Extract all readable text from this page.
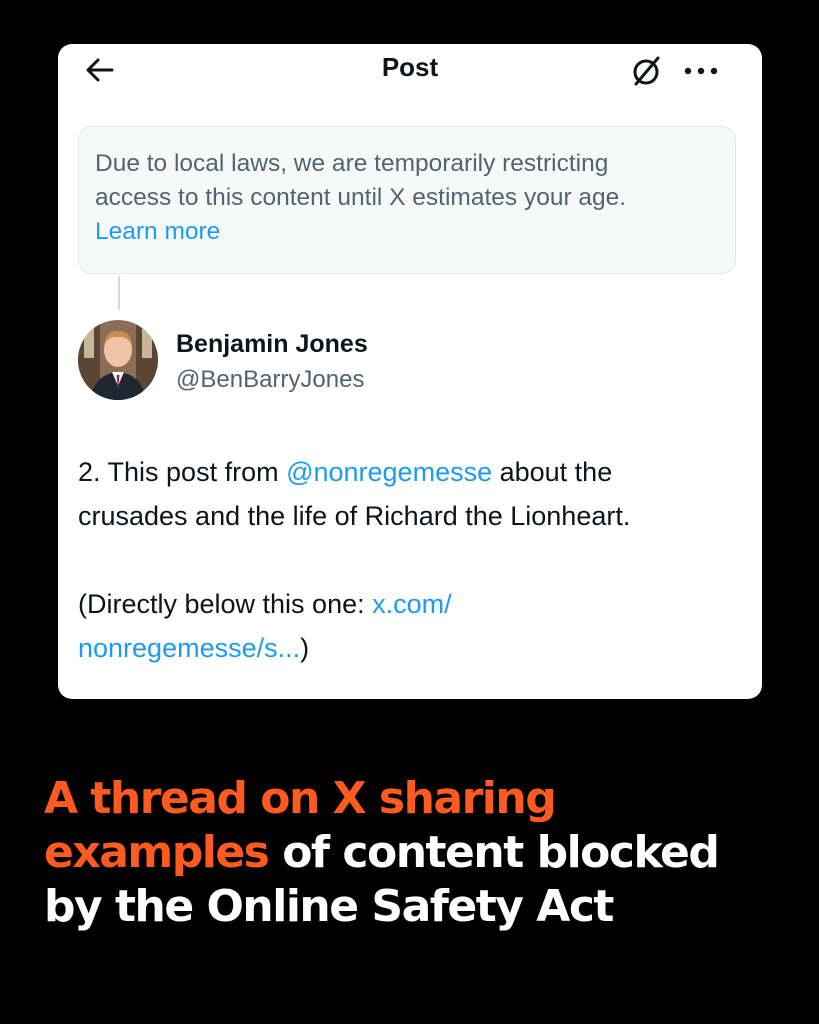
Post
Due to local laws, we are temporarily restricting
access to this content until X estimates your age.
Learn more
Benjamin Jones
@BenBarryJones

2. This post from @nonregemesse about the

crusades and the life of Richard the Lionheart.

(Directly below this one: x.com/

nonregemesse/s...)

A thread on X sharing
examples of content blocked
by the Online Safety Act
